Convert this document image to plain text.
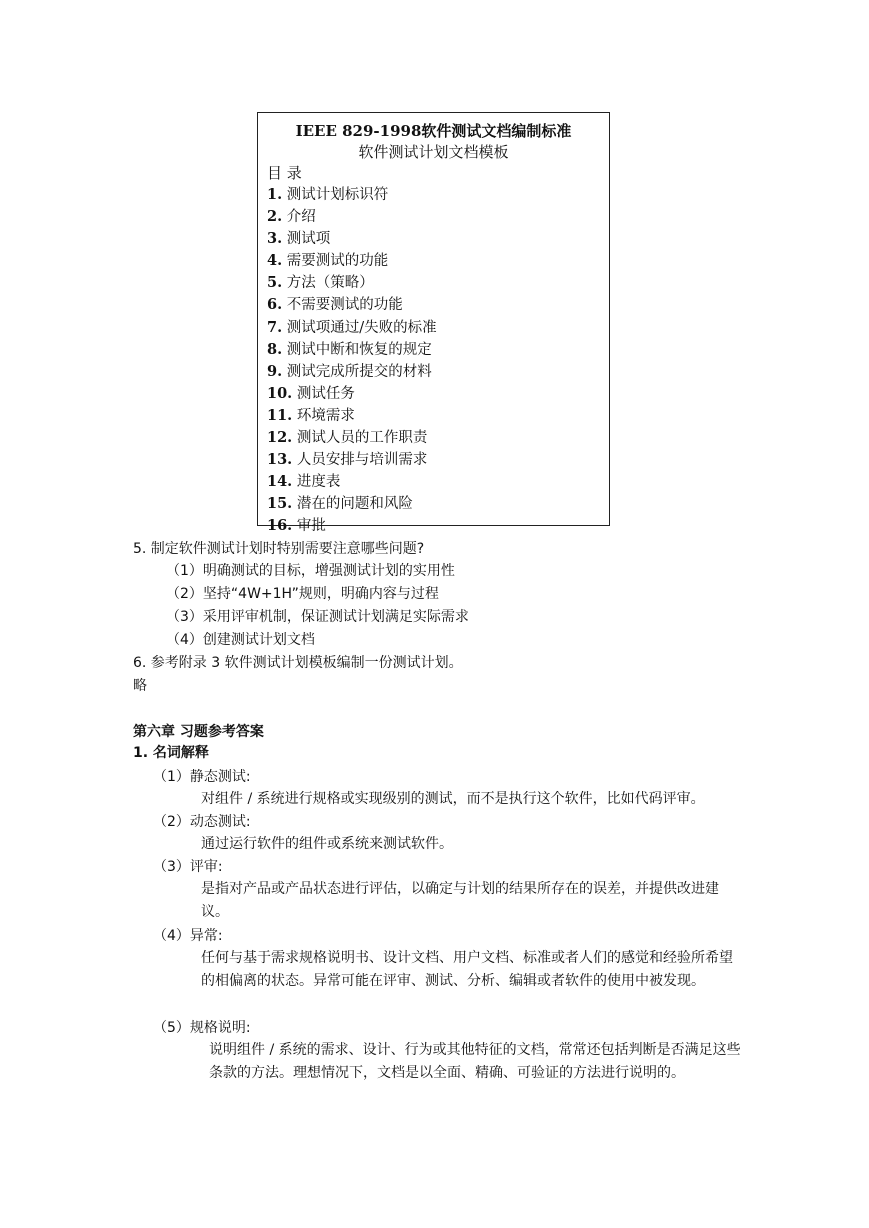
IEEE 829-1998软件测试文档编制标准
软件测试计划文档模板
目 录
1. 测试计划标识符
2. 介绍
3. 测试项
4. 需要测试的功能
5. 方法（策略）
6. 不需要测试的功能
7. 测试项通过/失败的标准
8. 测试中断和恢复的规定
9. 测试完成所提交的材料
10. 测试任务
11. 环境需求
12. 测试人员的工作职责
13. 人员安排与培训需求
14. 进度表
15. 潜在的问题和风险
16. 审批
5. 制定软件测试计划时特别需要注意哪些问题?
（1）明确测试的目标，增强测试计划的实用性
（2）坚持“4W+1H”规则，明确内容与过程
（3）采用评审机制，保证测试计划满足实际需求
（4）创建测试计划文档
6. 参考附录 3 软件测试计划模板编制一份测试计划。
略
第六章 习题参考答案
1. 名词解释
（1）静态测试:
对组件 / 系统进行规格或实现级别的测试，而不是执行这个软件，比如代码评审。
（2）动态测试:
通过运行软件的组件或系统来测试软件。
（3）评审:
是指对产品或产品状态进行评估，以确定与计划的结果所存在的误差，并提供改进建议。
（4）异常:
任何与基于需求规格说明书、设计文档、用户文档、标准或者人们的感觉和经验所希望的相偏离的状态。异常可能在评审、测试、分析、编辑或者软件的使用中被发现。
（5）规格说明:
说明组件 / 系统的需求、设计、行为或其他特征的文档，常常还包括判断是否满足这些条款的方法。理想情况下，文档是以全面、精确、可验证的方法进行说明的。
